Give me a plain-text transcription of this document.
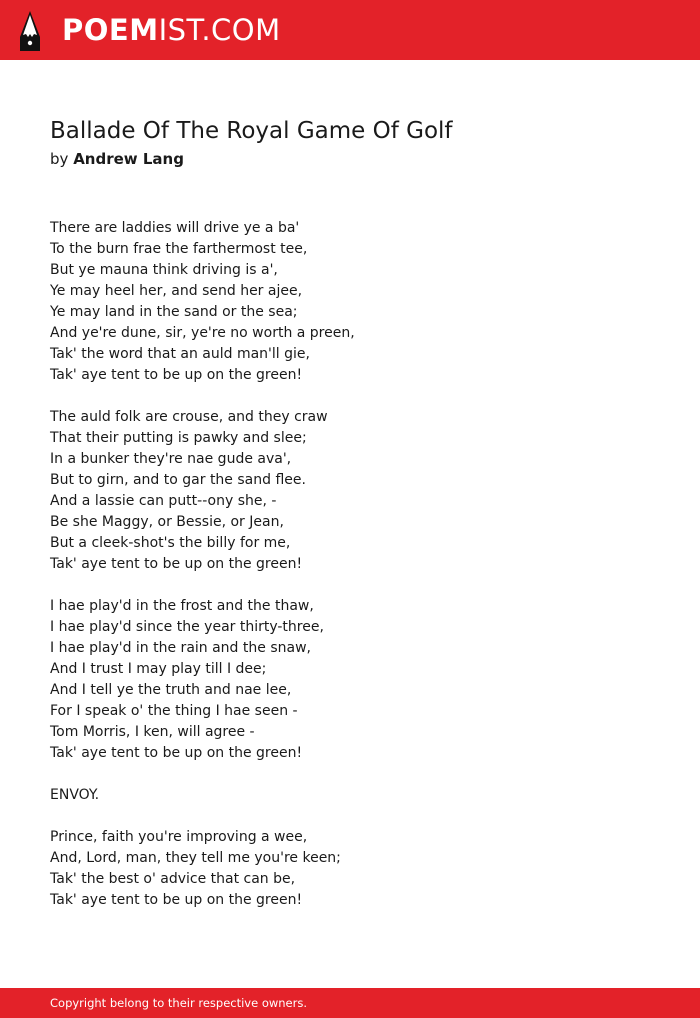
POEMIST.COM
Ballade Of The Royal Game Of Golf
by Andrew Lang
There are laddies will drive ye a ba'
To the burn frae the farthermost tee,
But ye mauna think driving is a',
Ye may heel her, and send her ajee,
Ye may land in the sand or the sea;
And ye're dune, sir, ye're no worth a preen,
Tak' the word that an auld man'll gie,
Tak' aye tent to be up on the green!
The auld folk are crouse, and they craw
That their putting is pawky and slee;
In a bunker they're nae gude ava',
But to girn, and to gar the sand flee.
And a lassie can putt--ony she, -
Be she Maggy, or Bessie, or Jean,
But a cleek-shot's the billy for me,
Tak' aye tent to be up on the green!
I hae play'd in the frost and the thaw,
I hae play'd since the year thirty-three,
I hae play'd in the rain and the snaw,
And I trust I may play till I dee;
And I tell ye the truth and nae lee,
For I speak o' the thing I hae seen -
Tom Morris, I ken, will agree -
Tak' aye tent to be up on the green!
ENVOY.
Prince, faith you're improving a wee,
And, Lord, man, they tell me you're keen;
Tak' the best o' advice that can be,
Tak' aye tent to be up on the green!
Copyright belong to their respective owners.
